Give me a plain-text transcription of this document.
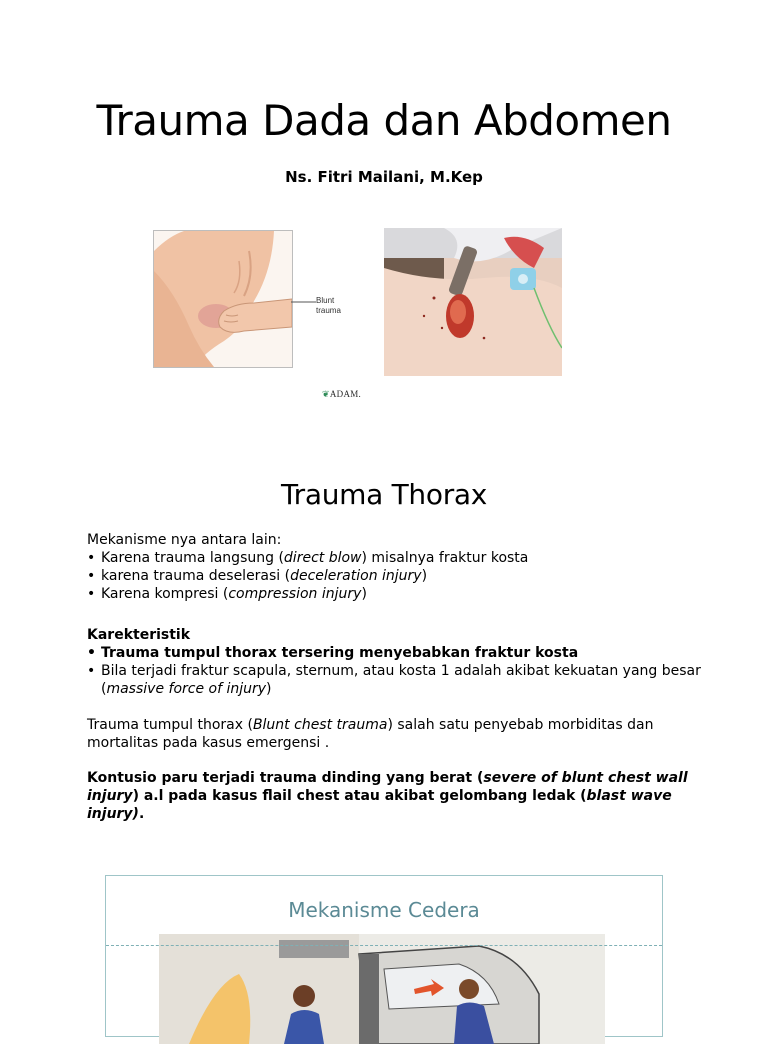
Trauma Dada dan Abdomen
Ns. Fitri Mailani, M.Kep
Blunt
trauma
❦ADAM.
Trauma Thorax
Mekanisme nya antara lain:
• Karena trauma langsung (direct blow) misalnya fraktur kosta
• karena trauma deselerasi (deceleration injury)
• Karena kompresi (compression injury)
Karekteristik
• Trauma tumpul thorax tersering menyebabkan fraktur kosta
• Bila terjadi fraktur scapula, sternum, atau kosta 1 adalah akibat kekuatan yang besar (massive force of injury)
Trauma tumpul thorax (Blunt chest trauma) salah satu penyebab morbiditas dan mortalitas pada kasus emergensi .
Kontusio paru terjadi trauma dinding yang berat (severe of blunt chest wall injury) a.l pada kasus flail chest atau akibat gelombang ledak (blast wave injury).
Mekanisme Cedera
